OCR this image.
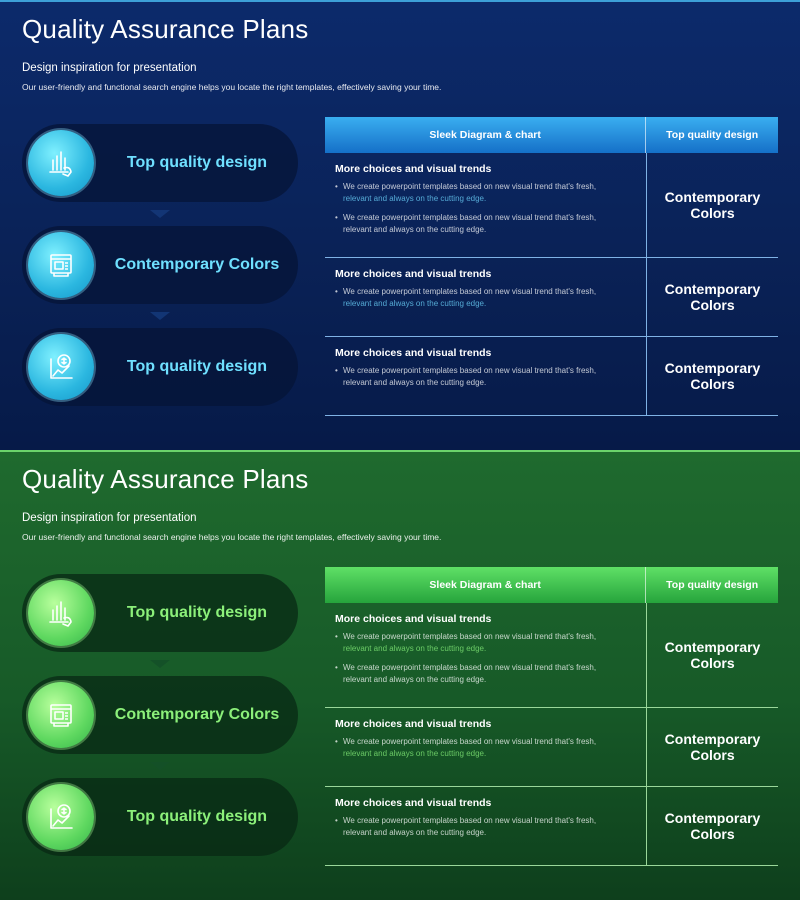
Quality Assurance Plans
Design inspiration for presentation
Our user-friendly and functional search engine helps you locate the right templates, effectively saving your time.
Top quality design
Contemporary Colors
Top quality design
Sleek Diagram & chart	Top quality design
More choices and visual trends
• We create powerpoint templates based on new visual trend that's fresh,
relevant and always on the cutting edge.
• We create powerpoint templates based on new visual trend that's fresh,
relevant and always on the cutting edge.
Contemporary Colors
More choices and visual trends
• We create powerpoint templates based on new visual trend that's fresh,
relevant and always on the cutting edge.
Contemporary Colors
More choices and visual trends
• We create powerpoint templates based on new visual trend that's fresh,
relevant and always on the cutting edge.
Contemporary Colors
Quality Assurance Plans
Design inspiration for presentation
Our user-friendly and functional search engine helps you locate the right templates, effectively saving your time.
Top quality design
Contemporary Colors
Top quality design
Sleek Diagram & chart	Top quality design
More choices and visual trends
• We create powerpoint templates based on new visual trend that's fresh,
relevant and always on the cutting edge.
• We create powerpoint templates based on new visual trend that's fresh,
relevant and always on the cutting edge.
Contemporary Colors
More choices and visual trends
• We create powerpoint templates based on new visual trend that's fresh,
relevant and always on the cutting edge.
Contemporary Colors
More choices and visual trends
• We create powerpoint templates based on new visual trend that's fresh,
relevant and always on the cutting edge.
Contemporary Colors
